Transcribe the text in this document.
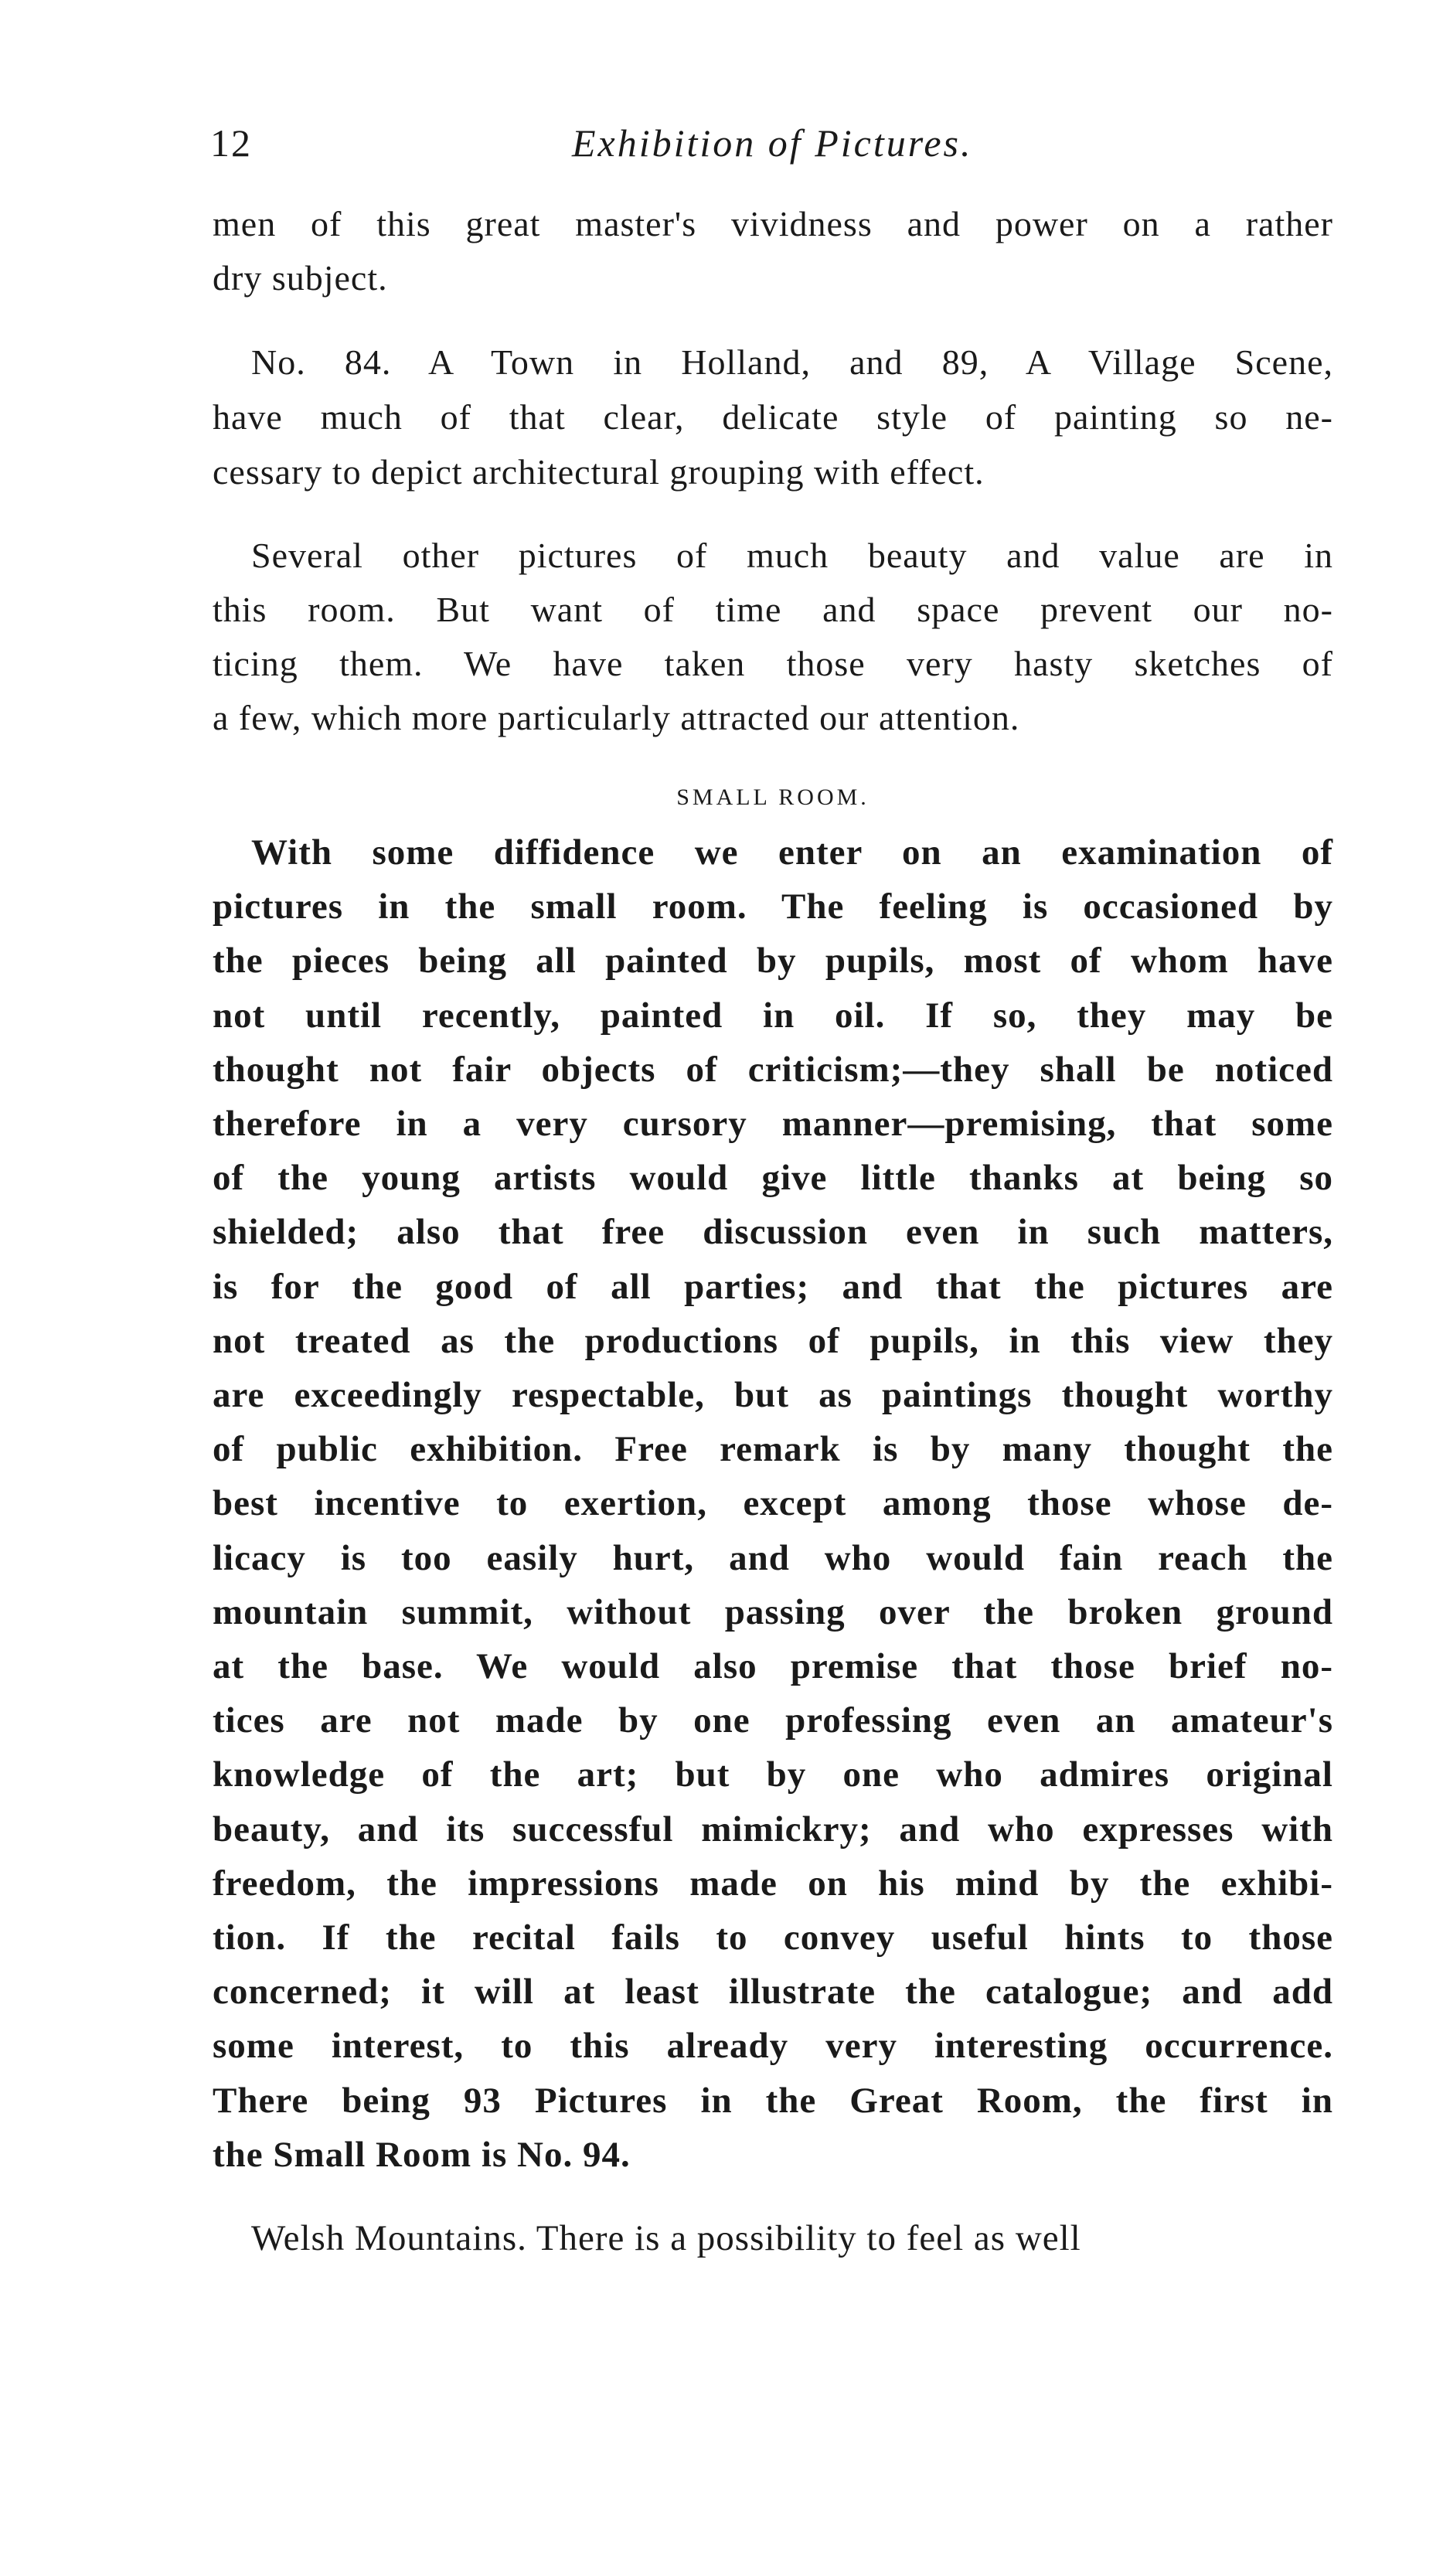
12	Exhibition of Pictures.
men of this great master's vividness and power on a rather
dry subject.
No. 84. A Town in Holland, and 89, A Village Scene,
have much of that clear, delicate style of painting so ne-
cessary to depict architectural grouping with effect.
Several other pictures of much beauty and value are in
this room. But want of time and space prevent our no-
ticing them. We have taken those very hasty sketches of
a few, which more particularly attracted our attention.
SMALL ROOM.
With some diffidence we enter on an examination of
pictures in the small room. The feeling is occasioned by
the pieces being all painted by pupils, most of whom have
not until recently, painted in oil. If so, they may be
thought not fair objects of criticism;—they shall be noticed
therefore in a very cursory manner—premising, that some
of the young artists would give little thanks at being so
shielded; also that free discussion even in such matters,
is for the good of all parties; and that the pictures are
not treated as the productions of pupils, in this view they
are exceedingly respectable, but as paintings thought worthy
of public exhibition. Free remark is by many thought the
best incentive to exertion, except among those whose de-
licacy is too easily hurt, and who would fain reach the
mountain summit, without passing over the broken ground
at the base. We would also premise that those brief no-
tices are not made by one professing even an amateur's
knowledge of the art; but by one who admires original
beauty, and its successful mimickry; and who expresses with
freedom, the impressions made on his mind by the exhibi-
tion. If the recital fails to convey useful hints to those
concerned; it will at least illustrate the catalogue; and add
some interest, to this already very interesting occurrence.
There being 93 Pictures in the Great Room, the first in
the Small Room is No. 94.
Welsh Mountains. There is a possibility to feel as well
